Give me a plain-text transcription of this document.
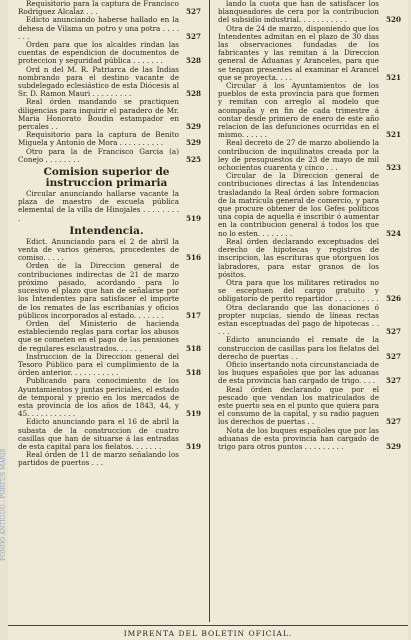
Requisitorio para la captura de Francisco Rodriguez Alcalaz . . .	527

Edicto anunciando haberse hallado en la dehesa de Vilama un potro y una potra . . . . . . .	527

Orden para que los alcaldes rindan las cuentas de espendicion de documentos de proteccion y seguridad pública . . . . . . .	528

Ord n del M. R. Patriarca de las Indias nombrando para el destino vacante de subdelegado eclesiástico de esta Diócesis al Sr. D. Ramon Mauri . . . . . . . . .	528

Real órden mandando se practiquen diligencias para inquirir el paradero de Mr. Maria Honorato Boudin estampador en percales . .	529

Requisitorio para la captura de Benito Miguela y Antonio de Mora . . . . . . . . . .	529

Otro para la de Francisco Garcia (a) Conejo . . . . . . . .	525

Comision superior de instruccion primaria

Circular anunciando hallarse vacante la plaza de maestro de escuela pública elemental de la villa de Hinojales . . . . . . . . .	519

Intendencia.

Edict. Anunciando para el 2 de abril la venta de varios géneros, procedentes de comiso. . . . .	516

Orden de la Direccion general de contribuciones indirectas de 21 de marzo próximo pasado, acordando para lo sucesivo el plazo que han de señalarse por los Intendentes para satisfacer el importe de los remates de las escribanías y oficios públicos incorporados al estado. . . . . . .	517

Orden del Ministerio de hacienda estableciendo reglas para cortar los abusos que se cometen en el pago de las pensiones de regulares esclaustrados. . . . . .	518

Instruccion de la Direccion general del Tesoro Público para el cumplimiento de la órden anterior. . . . . . . . . . .	518

Publicando para conocimiento de los Ayuntamientos y juntas periciales, el estado de temporal y precio en los mercados de esta provincia de los años de 1843, 44, y 45. . . . . . . . . . .	519

Edicto anunciando para el 16 de abril la subasta de la construccion de cuatro casillas que han de situarse á las entradas de esta capital para los fielatos. . . . . . .	519

Real órden de 11 de marzo señalando los partidos de puertos . . .

lando la cuota que han de satisfacer los blanqueadores de cera por la contribucion del subsidio industrial. . . . . . . . . . .	520

Otra de 24 de marzo, disponiendo que los Intendentes admitan en el plazo de 30 dias las observaciones fundadas de los fabricantes y las remitan á la Direccion general de Aduanas y Aranceles, para que se tengan presentes al examinar el Arancel que se proyecta. . . .	521

Circular á los Ayuntamientos de los pueblos de esta provincia para que formen y remitan con arreglo al modelo que acompaña y en fin de cada trimestre á contar desde primero de enero de este año relacion de las defunciones ocurridas en el mismo. . . . . .	521

Real decreto de 27 de marzo aboliendo la contribucion de inquilinatos creada por la ley de presupuestos de 23 de mayo de mil ochocientos cuarenta y cinco . . .	523

Circular de la Direccion general de contribuciones directas á las Intendencias trasladando la Real órden sobre formacion de la matrícula general de comercio, y para que procure obtener de los Gefes políticos una copia de aquella é inscribir ó aumentar en la contribucion general á todos los que no lo esten. . . . . . . .	524

Real órden declarando exceptuados del derecho de hipotecas y registros de inscripcion, las escrituras que otorguen los labradores, para estar granos de los pósitos.

Otra para que los militares retirados no se esceptuen del cargo gratuito y obligatorio de perito repartidor . . . . . . . . . . 526

Otra declarando que las donaciones ó propter nupcias, siendo de líneas rectas estan esceptuadas del pago de hipotecas . . . . .	527

Edicto anunciando el remate de la construccion de casillas para los fielatos del derecho de puertas . .	527

Oficio insertando nota circunstanciada de los buques españoles que por las aduanas de esta provincia han cargado de trigo. . . .	527

Real órden declarando que por el pescado que vendan los matriculados de este puerto sea en el punto que quiera para el consumo de la capital, y su radio paguen los derechos de puertas . .	527

Nota de los buques españoles que por las aduanas de esta provincia han cargado de trigo para otros puntos . . . . . . . . .	529

IMPRENTA DEL BOLETIN OFICIAL.
FONDO ANTIGUO - PORTUS MARIS
